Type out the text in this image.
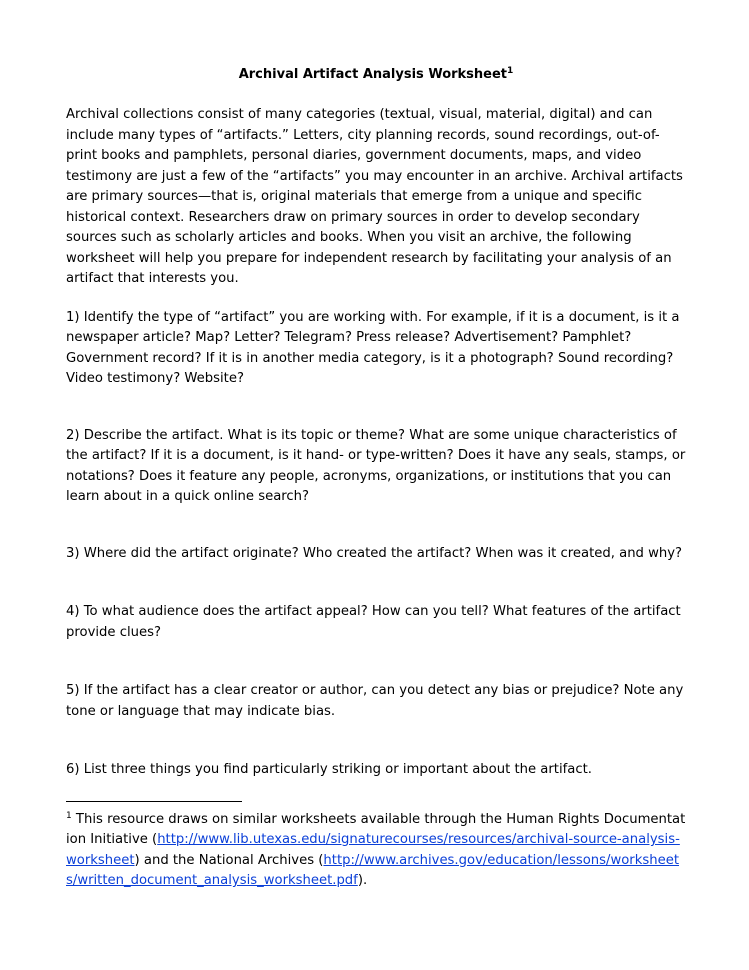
Archival Artifact Analysis Worksheet$^1$

Archival collections consist of many categories (textual, visual, material, digital) and can include many types of “artifacts.” Letters, city planning records, sound recordings, out-of-print books and pamphlets, personal diaries, government documents, maps, and video testimony are just a few of the “artifacts” you may encounter in an archive. Archival artifacts are primary sources—that is, original materials that emerge from a unique and specific historical context. Researchers draw on primary sources in order to develop secondary sources such as scholarly articles and books. When you visit an archive, the following worksheet will help you prepare for independent research by facilitating your analysis of an artifact that interests you.

1) Identify the type of “artifact” you are working with. For example, if it is a document, is it a newspaper article? Map? Letter? Telegram? Press release? Advertisement? Pamphlet? Government record? If it is in another media category, is it a photograph? Sound recording? Video testimony? Website?

2) Describe the artifact. What is its topic or theme? What are some unique characteristics of the artifact? If it is a document, is it hand- or type-written? Does it have any seals, stamps, or notations? Does it feature any people, acronyms, organizations, or institutions that you can learn about in a quick online search?

3) Where did the artifact originate? Who created the artifact? When was it created, and why?

4) To what audience does the artifact appeal? How can you tell? What features of the artifact provide clues?

5) If the artifact has a clear creator or author, can you detect any bias or prejudice? Note any tone or language that may indicate bias.

6) List three things you find particularly striking or important about the artifact.

$^1$ This resource draws on similar worksheets available through the Human Rights Documentation Initiative (http://www.lib.utexas.edu/signaturecourses/resources/archival-source-analysis-worksheet) and the National Archives (http://www.archives.gov/education/lessons/worksheets/written_document_analysis_worksheet.pdf).
